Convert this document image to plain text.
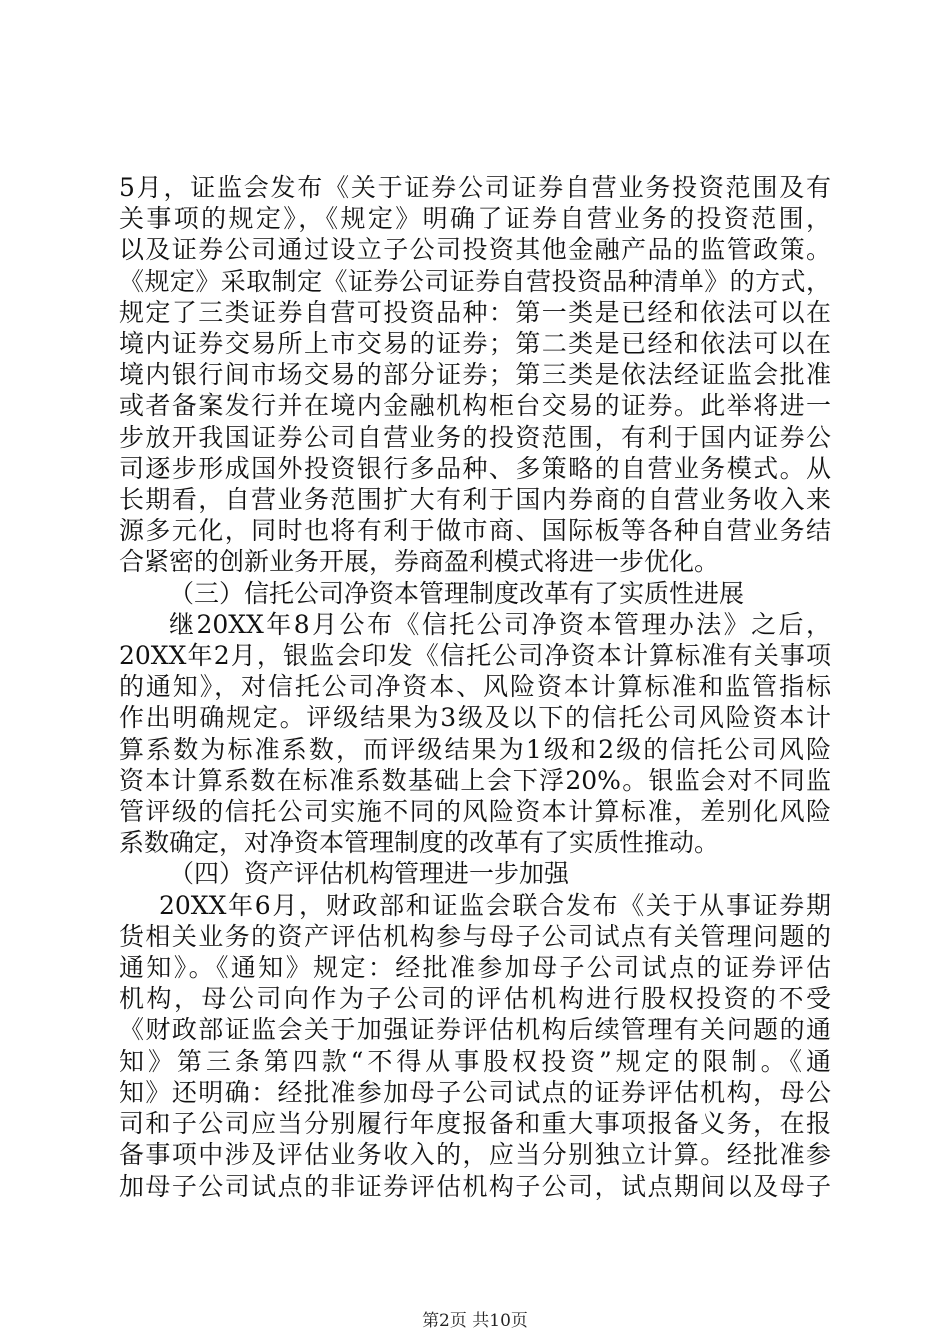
5月，证监会发布《关于证券公司证券自营业务投资范围及有
关事项的规定》，《规定》明确了证券自营业务的投资范围，
以及证券公司通过设立子公司投资其他金融产品的监管政策。
《规定》采取制定《证券公司证券自营投资品种清单》的方式，
规定了三类证券自营可投资品种：第一类是已经和依法可以在
境内证券交易所上市交易的证券；第二类是已经和依法可以在
境内银行间市场交易的部分证券；第三类是依法经证监会批准
或者备案发行并在境内金融机构柜台交易的证券。此举将进一
步放开我国证券公司自营业务的投资范围，有利于国内证券公
司逐步形成国外投资银行多品种、多策略的自营业务模式。从
长期看，自营业务范围扩大有利于国内券商的自营业务收入来
源多元化，同时也将有利于做市商、国际板等各种自营业务结
合紧密的创新业务开展，券商盈利模式将进一步优化。
（三）信托公司净资本管理制度改革有了实质性进展
继20XX年8月公布《信托公司净资本管理办法》之后，
20XX年2月，银监会印发《信托公司净资本计算标准有关事项
的通知》，对信托公司净资本、风险资本计算标准和监管指标
作出明确规定。评级结果为3级及以下的信托公司风险资本计
算系数为标准系数，而评级结果为1级和2级的信托公司风险
资本计算系数在标准系数基础上会下浮20%。银监会对不同监
管评级的信托公司实施不同的风险资本计算标准，差别化风险
系数确定，对净资本管理制度的改革有了实质性推动。
（四）资产评估机构管理进一步加强
20XX年6月，财政部和证监会联合发布《关于从事证券期
货相关业务的资产评估机构参与母子公司试点有关管理问题的
通知》。《通知》规定：经批准参加母子公司试点的证券评估
机构，母公司向作为子公司的评估机构进行股权投资的不受
《财政部证监会关于加强证券评估机构后续管理有关问题的通
知》第三条第四款“不得从事股权投资”规定的限制。《通
知》还明确：经批准参加母子公司试点的证券评估机构，母公
司和子公司应当分别履行年度报备和重大事项报备义务，在报
备事项中涉及评估业务收入的，应当分别独立计算。经批准参
加母子公司试点的非证券评估机构子公司，试点期间以及母子
第2页 共10页
